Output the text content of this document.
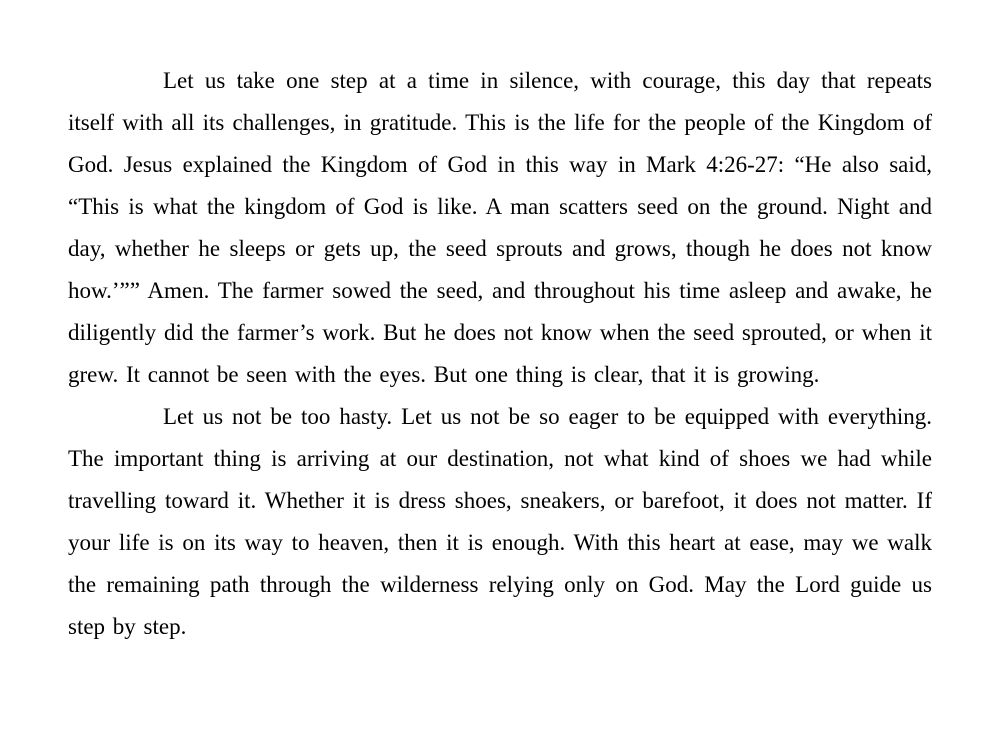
Let us take one step at a time in silence, with courage, this day that repeats itself with all its challenges, in gratitude. This is the life for the people of the Kingdom of God. Jesus explained the Kingdom of God in this way in Mark 4:26-27: “He also said, “This is what the kingdom of God is like. A man scatters seed on the ground. Night and day, whether he sleeps or gets up, the seed sprouts and grows, though he does not know how.’”” Amen. The farmer sowed the seed, and throughout his time asleep and awake, he diligently did the farmer’s work. But he does not know when the seed sprouted, or when it grew. It cannot be seen with the eyes. But one thing is clear, that it is growing.

Let us not be too hasty. Let us not be so eager to be equipped with everything. The important thing is arriving at our destination, not what kind of shoes we had while travelling toward it. Whether it is dress shoes, sneakers, or barefoot, it does not matter. If your life is on its way to heaven, then it is enough. With this heart at ease, may we walk the remaining path through the wilderness relying only on God. May the Lord guide us step by step.
